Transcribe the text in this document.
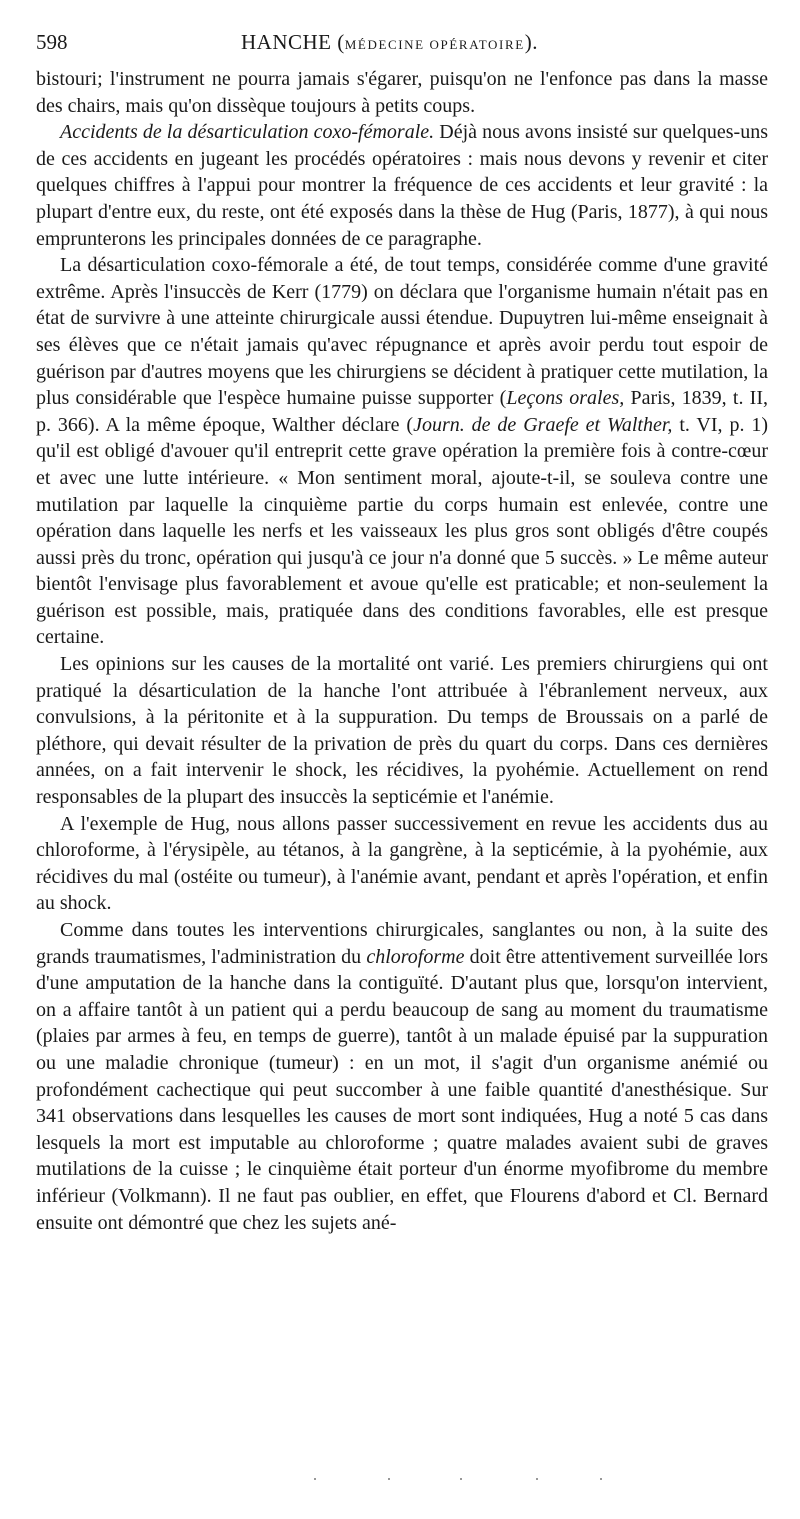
598	HANCHE (MÉDECINE OPÉRATOIRE).

bistouri; l'instrument ne pourra jamais s'égarer, puisqu'on ne l'enfonce pas dans la masse des chairs, mais qu'on dissèque toujours à petits coups.

Accidents de la désarticulation coxo-fémorale. Déjà nous avons insisté sur quelques-uns de ces accidents en jugeant les procédés opératoires : mais nous devons y revenir et citer quelques chiffres à l'appui pour montrer la fréquence de ces accidents et leur gravité : la plupart d'entre eux, du reste, ont été exposés dans la thèse de Hug (Paris, 1877), à qui nous emprunterons les principales données de ce paragraphe.

La désarticulation coxo-fémorale a été, de tout temps, considérée comme d'une gravité extrême. Après l'insuccès de Kerr (1779) on déclara que l'organisme humain n'était pas en état de survivre à une atteinte chirurgicale aussi étendue. Dupuytren lui-même enseignait à ses élèves que ce n'était jamais qu'avec répugnance et après avoir perdu tout espoir de guérison par d'autres moyens que les chirurgiens se décident à pratiquer cette mutilation, la plus considérable que l'espèce humaine puisse supporter (Leçons orales, Paris, 1839, t. II, p. 366). A la même époque, Walther déclare (Journ. de de Graefe et Walther, t. VI, p. 1) qu'il est obligé d'avouer qu'il entreprit cette grave opération la première fois à contre-cœur et avec une lutte intérieure. « Mon sentiment moral, ajoute-t-il, se souleva contre une mutilation par laquelle la cinquième partie du corps humain est enlevée, contre une opération dans laquelle les nerfs et les vaisseaux les plus gros sont obligés d'être coupés aussi près du tronc, opération qui jusqu'à ce jour n'a donné que 5 succès. » Le même auteur bientôt l'envisage plus favorablement et avoue qu'elle est praticable; et non-seulement la guérison est possible, mais, pratiquée dans des conditions favorables, elle est presque certaine.

Les opinions sur les causes de la mortalité ont varié. Les premiers chirurgiens qui ont pratiqué la désarticulation de la hanche l'ont attribuée à l'ébranlement nerveux, aux convulsions, à la péritonite et à la suppuration. Du temps de Broussais on a parlé de pléthore, qui devait résulter de la privation de près du quart du corps. Dans ces dernières années, on a fait intervenir le shock, les récidives, la pyohémie. Actuellement on rend responsables de la plupart des insuccès la septicémie et l'anémie.

A l'exemple de Hug, nous allons passer successivement en revue les accidents dus au chloroforme, à l'érysipèle, au tétanos, à la gangrène, à la septicémie, à la pyohémie, aux récidives du mal (ostéite ou tumeur), à l'anémie avant, pendant et après l'opération, et enfin au shock.

Comme dans toutes les interventions chirurgicales, sanglantes ou non, à la suite des grands traumatismes, l'administration du chloroforme doit être attentivement surveillée lors d'une amputation de la hanche dans la contiguïté. D'autant plus que, lorsqu'on intervient, on a affaire tantôt à un patient qui a perdu beaucoup de sang au moment du traumatisme (plaies par armes à feu, en temps de guerre), tantôt à un malade épuisé par la suppuration ou une maladie chronique (tumeur) : en un mot, il s'agit d'un organisme anémié ou profondément cachectique qui peut succomber à une faible quantité d'anesthésique. Sur 341 observations dans lesquelles les causes de mort sont indiquées, Hug a noté 5 cas dans lesquels la mort est imputable au chloroforme ; quatre malades avaient subi de graves mutilations de la cuisse ; le cinquième était porteur d'un énorme myofibrome du membre inférieur (Volkmann). Il ne faut pas oublier, en effet, que Flourens d'abord et Cl. Bernard ensuite ont démontré que chez les sujets ané-
